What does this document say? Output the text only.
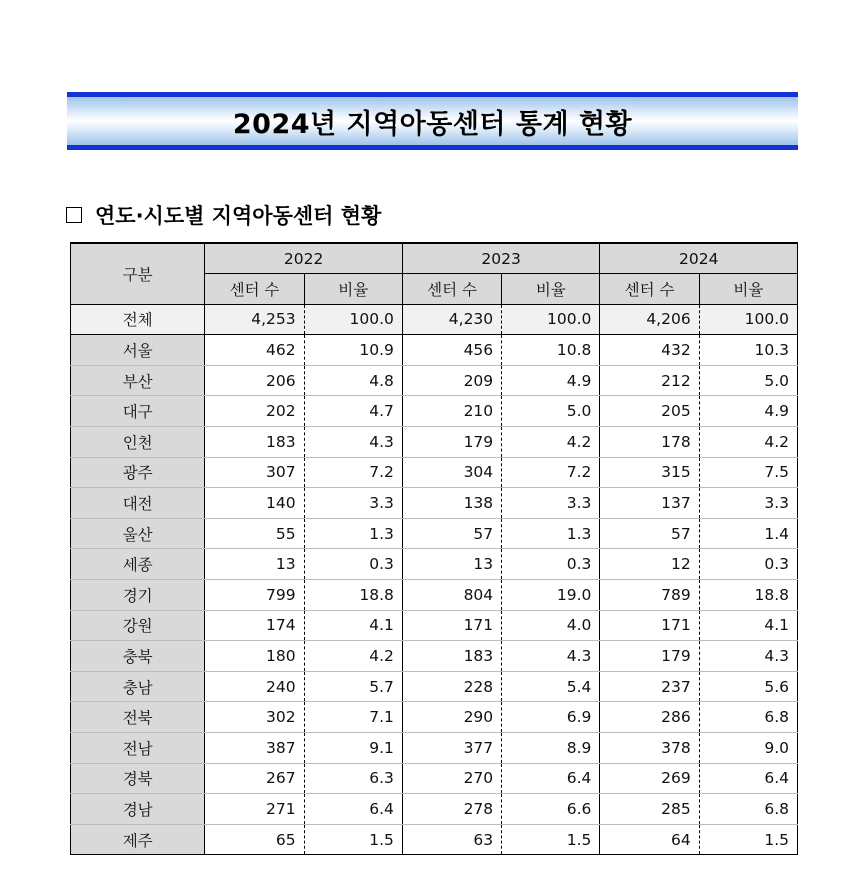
2024년 지역아동센터 통계 현황
연도·시도별 지역아동센터 현황
구분	2022		2023		2024	
	센터 수	비율	센터 수	비율	센터 수	비율
전체	4,253	100.0	4,230	100.0	4,206	100.0
서울	462	10.9	456	10.8	432	10.3
부산	206	4.8	209	4.9	212	5.0
대구	202	4.7	210	5.0	205	4.9
인천	183	4.3	179	4.2	178	4.2
광주	307	7.2	304	7.2	315	7.5
대전	140	3.3	138	3.3	137	3.3
울산	55	1.3	57	1.3	57	1.4
세종	13	0.3	13	0.3	12	0.3
경기	799	18.8	804	19.0	789	18.8
강원	174	4.1	171	4.0	171	4.1
충북	180	4.2	183	4.3	179	4.3
충남	240	5.7	228	5.4	237	5.6
전북	302	7.1	290	6.9	286	6.8
전남	387	9.1	377	8.9	378	9.0
경북	267	6.3	270	6.4	269	6.4
경남	271	6.4	278	6.6	285	6.8
제주	65	1.5	63	1.5	64	1.5
